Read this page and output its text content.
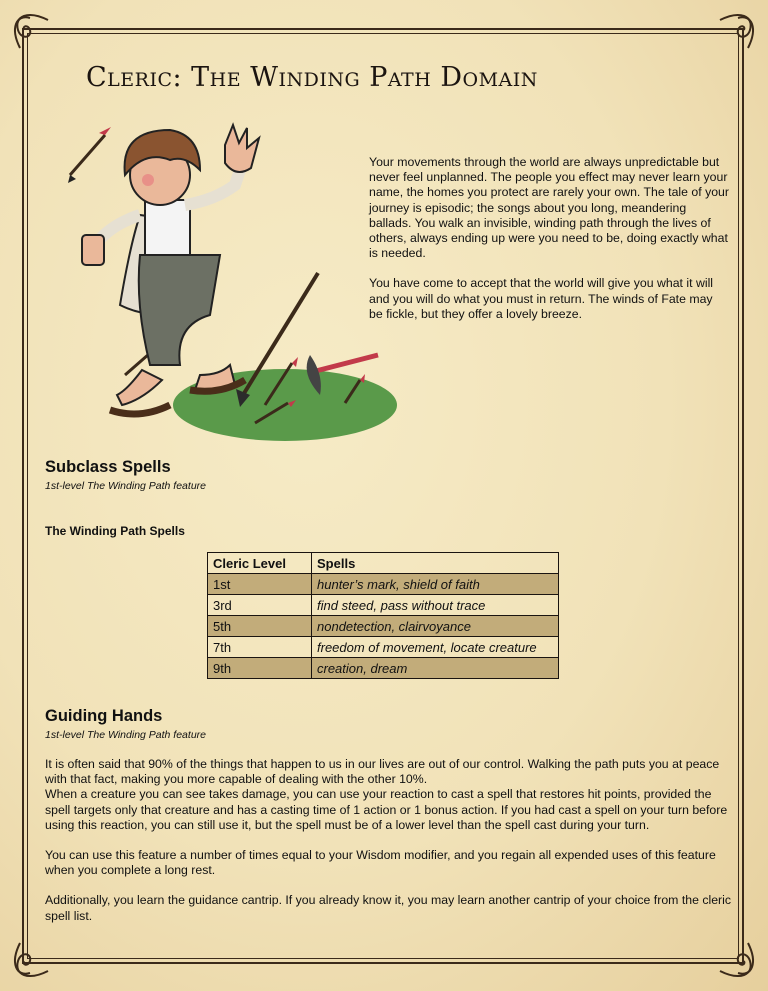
Cleric: The Winding Path Domain

Your movements through the world are always unpredictable but never feel unplanned. The people you effect may never learn your name, the homes you protect are rarely your own. The tale of your journey is episodic; the songs about you long, meandering ballads. You walk an invisible, winding path through the lives of others, always ending up were you need to be, doing exactly what is needed.

You have come to accept that the world will give you what it will and you will do what you must in return. The winds of Fate may be fickle, but they offer a lovely breeze.

Subclass Spells

1st-level The Winding Path feature

The Winding Path Spells
Cleric Level	Spells
1st	hunter’s mark, shield of faith
3rd	find steed, pass without trace
5th	nondetection, clairvoyance
7th	freedom of movement, locate creature
9th	creation, dream
Guiding Hands

1st-level The Winding Path feature

It is often said that 90% of the things that happen to us in our lives are out of our control. Walking the path puts you at peace with that fact, making you more capable of dealing with the other 10%.

When a creature you can see takes damage, you can use your reaction to cast a spell that restores hit points, provided the spell targets only that creature and has a casting time of 1 action or 1 bonus action. If you had cast a spell on your turn before using this reaction, you can still use it, but the spell must be of a lower level than the spell cast during your turn.

You can use this feature a number of times equal to your Wisdom modifier, and you regain all expended uses of this feature when you complete a long rest.

Additionally, you learn the guidance cantrip. If you already know it, you may learn another cantrip of your choice from the cleric spell list.
